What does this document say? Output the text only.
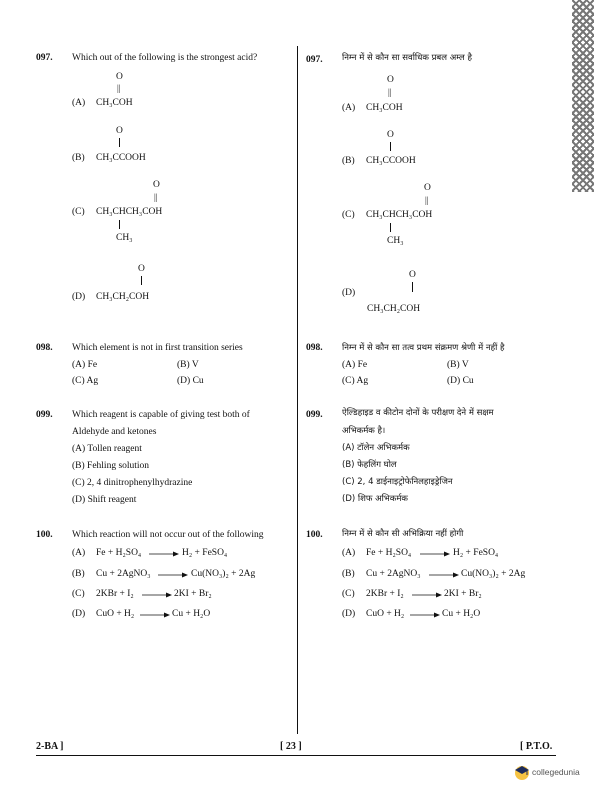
097. Which out of the following is the strongest acid?
O
||
(A) CH₃COH
O
(B) CH₃CCOOH
O
||
(C) CH₃CHCH₃COH
CH₃
O
(D) CH₃CH₂COH
098. Which element is not in first transition series
(A) Fe	(B) V
(C) Ag	(D) Cu
099. Which reagent is capable of giving test both of
Aldehyde and ketones
(A) Tollen reagent
(B) Fehling solution
(C) 2, 4 dinitrophenylhydrazine
(D) Shift reagent
100. Which reaction will not occur out of the following
(A) Fe + H₂SO₄	H₂ + FeSO₄
(B) Cu + 2AgNO₃	Cu(NO₃)₂ + 2Ag
(C) 2KBr + I₂	2KI + Br₂
(D) CuO + H₂	Cu + H₂O
097. निम्न में से कौन सा सर्वाधिक प्रबल अम्ल है
O
||
(A) CH₃COH
O
(B) CH₃CCOOH
O
||
(C) CH₃CHCH₃COH
CH₃
O
(D)
CH₃CH₂COH
098. निम्न में से कौन सा तत्व प्रथम संक्रमण श्रेणी में नहीं है
(A) Fe	(B) V
(C) Ag	(D) Cu
099. ऐल्डिहाइड व कीटोन दोनों के परीक्षण देने में सक्षम
अभिकर्मक है।
(A) टॉलेन अभिकर्मक
(B) फेहलिंग घोल
(C) 2, 4 डाईनाइट्रोफेनिलहाइड्रेजिन
(D) शिफ अभिकर्मक
100. निम्न में से कौन सी अभिक्रिया नहीं होगी
(A) Fe + H₂SO₄	H₂ + FeSO₄
(B) Cu + 2AgNO₃	Cu(NO₃)₂ + 2Ag
(C) 2KBr + I₂	2KI + Br₂
(D) CuO + H₂	Cu + H₂O
2-BA ]	[ 23 ]	[ P.T.O.
collegedunia
